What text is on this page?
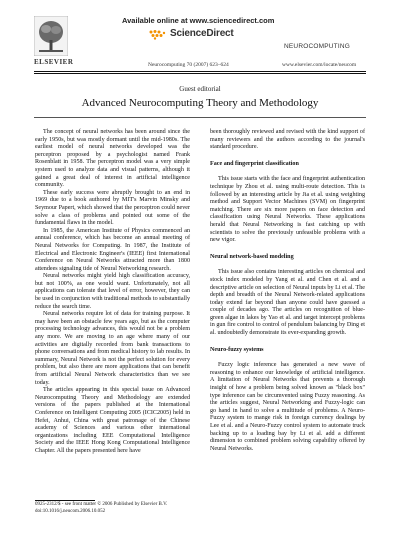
Available online at www.sciencedirect.com
ScienceDirect
NEUROCOMPUTING
Neurocomputing 70 (2007) 623–624	www.elsevier.com/locate/neucom
ELSEVIER
Guest editorial
Advanced Neurocomputing Theory and Methodology

The concept of neural networks has been around since the early 1950s, but was mostly dormant until the mid-1980s. The earliest model of neural networks developed was the perceptron proposed by a psychologist named Frank Rosenblatt in 1958. The perceptron model was a very simple system used to analyze data and visual patterns, although it gained a great deal of interest in artificial intelligence community.

These early success were abruptly brought to an end in 1969 due to a book authored by MIT's Marvin Minsky and Seymour Papert, which showed that the perceptron could never solve a class of problems and pointed out some of the fundamental flaws in the model.

In 1985, the American Institute of Physics commenced an annual conference, which has become an annual meeting of Neural Networks for Computing. In 1987, the Institute of Electrical and Electronic Engineer's (IEEE) first International Conference on Neural Networks attracted more than 1800 attendees signaling tide of Neural Networking research.

Neural networks might yield high classification accuracy, but not 100%, as one would want. Unfortunately, not all applications can tolerate that level of error, however, they can be used in conjunction with traditional methods to substantially reduce the search time.

Neural networks require lot of data for training purpose. It may have been an obstacle few years ago, but as the computer processing technology advances, this would not be a problem any more. We are moving to an age where many of our activities are digitally recorded from bank transactions to phone conversations and from medical history to lab results. In summary, Neural Network is not the perfect solution for every problem, but also there are more applications that can benefit from artificial Neural Network characteristics than we see today.

The articles appearing in this special issue on Advanced Neurocomputing Theory and Methodology are extended versions of the papers published at the International Conference on Intelligent Computing 2005 (ICIC2005) held in Hefei, Anhui, China with great patronage of the Chinese academy of Sciences and various other international organizations including EEE Computational Intelligence Society and the IEEE Hong Kong Computational Intelligence Chapter. All the papers presented here have

been thoroughly reviewed and revised with the kind support of many reviewers and the authors according to the journal's standard procedure.

Face and fingerprint classification

This issue starts with the face and fingerprint authentication technique by Zhou et al. using multi-route detection. This is followed by an interesting article by Jia et al. using weighting method and Support Vector Machines (SVM) on fingerprint matching. There are six more papers on face detection and classification using Neural Networks. These applications herald that Neural Networking is fast catching up with scientists to solve the previously unfeasible problems with a new vigor.

Neural network-based modeling

This issue also contains interesting articles on chemical and stock index modeled by Yang et al. and Chen et al. and a descriptive article on selection of Neural inputs by Li et al. The depth and breadth of the Neural Network-related applications today extend far beyond than anyone could have guessed a couple of decades ago. The articles on recognition of blue-green algae in lakes by Yao et al. and target intercept problems in gun fire control to control of pendulum balancing by Ding et al. undoubtedly demonstrate its ever-expanding growth.

Neuro-fuzzy systems

Fuzzy logic inference has generated a new wave of reasoning to enhance our knowledge of artificial intelligence. A limitation of Neural Networks that prevents a thorough insight of how a problem being solved known as "black box" type inference can be circumvented using Fuzzy reasoning. As the articles suggest, Neural Networking and Fuzzy-logic can go hand in hand to solve a multitude of problems. A Neuro-Fuzzy system to mange risk in foreign currency dealings by Lee et al. and a Neuro-Fuzzy control system to automate truck backing up to a loading bay by Li et al. add a different dimension to combined problem solving capability offered by Neural Networks.

0925-2312/$ - see front matter © 2006 Published by Elsevier B.V.
doi:10.1016/j.neucom.2006.10.052
